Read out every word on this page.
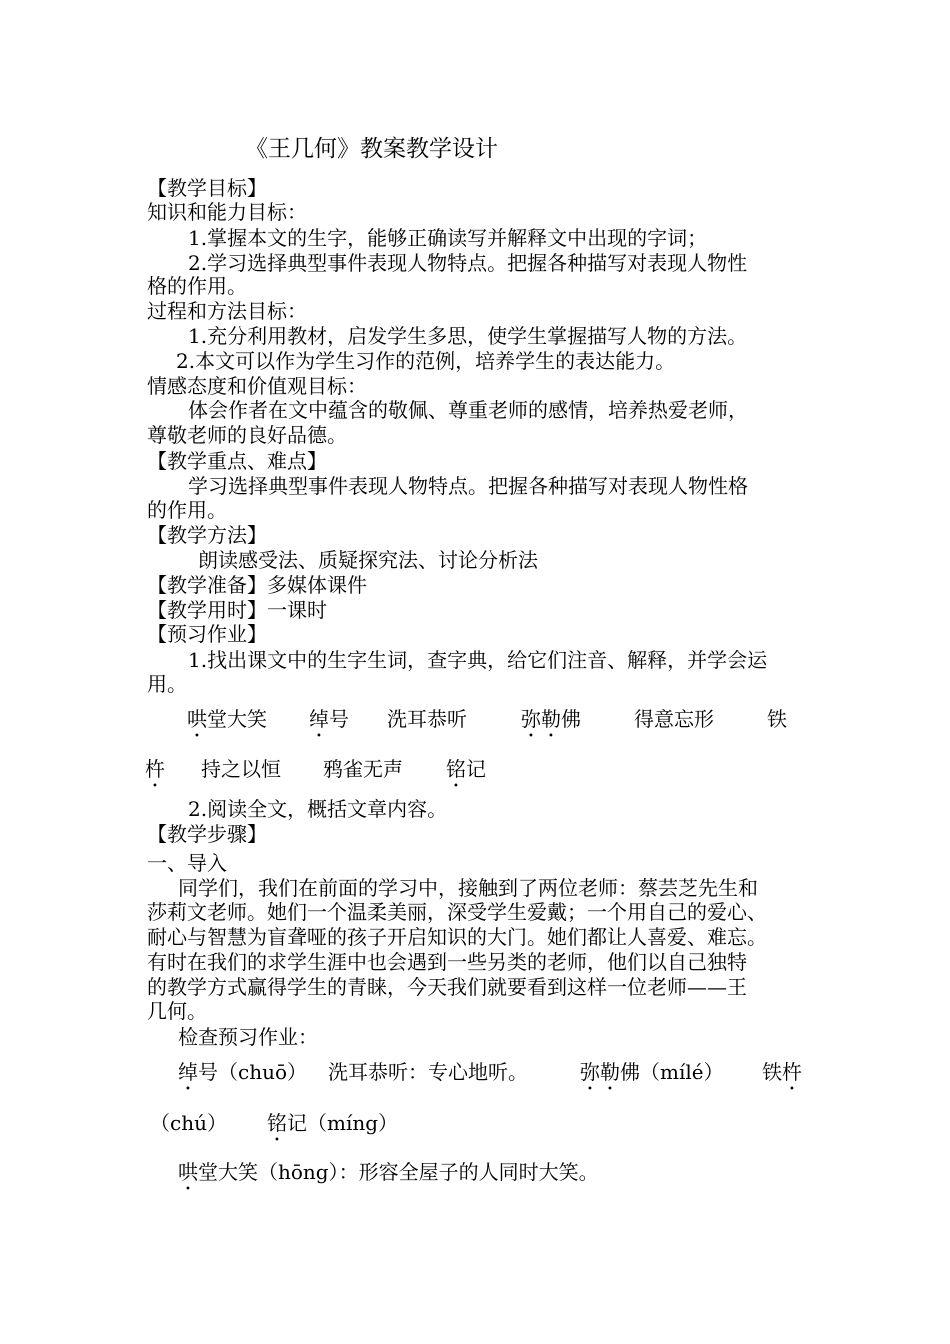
《王几何》教案教学设计
【教学目标】
知识和能力目标：
1.掌握本文的生字，能够正确读写并解释文中出现的字词；
2.学习选择典型事件表现人物特点。把握各种描写对表现人物性
格的作用。
过程和方法目标：
1.充分利用教材，启发学生多思，使学生掌握描写人物的方法。
2.本文可以作为学生习作的范例，培养学生的表达能力。
情感态度和价值观目标：
体会作者在文中蕴含的敬佩、尊重老师的感情，培养热爱老师，
尊敬老师的良好品德。
【教学重点、难点】
学习选择典型事件表现人物特点。把握各种描写对表现人物性格
的作用。
【教学方法】
朗读感受法、质疑探究法、讨论分析法
【教学准备】多媒体课件
【教学用时】一课时
【预习作业】
1.找出课文中的生字生词，查字典，给它们注音、解释，并学会运
用。
哄堂大笑 绰号 洗耳恭听	弥勒佛	得意忘形	铁
杵 持之以恒 鸦雀无声 铭记
2.阅读全文，概括文章内容。
【教学步骤】
一、导入
同学们，我们在前面的学习中，接触到了两位老师：蔡芸芝先生和
莎莉文老师。她们一个温柔美丽，深受学生爱戴；一个用自己的爱心、
耐心与智慧为盲聋哑的孩子开启知识的大门。她们都让人喜爱、难忘。
有时在我们的求学生涯中也会遇到一些另类的老师，他们以自己独特
的教学方式赢得学生的青睐，今天我们就要看到这样一位老师——王
几何。
检查预习作业：
绰号（chuō） 洗耳恭听：专心地听。	弥勒佛（mílé） 铁杵
（chú） 铭记（míng）
哄堂大笑（hōng）：形容全屋子的人同时大笑。
